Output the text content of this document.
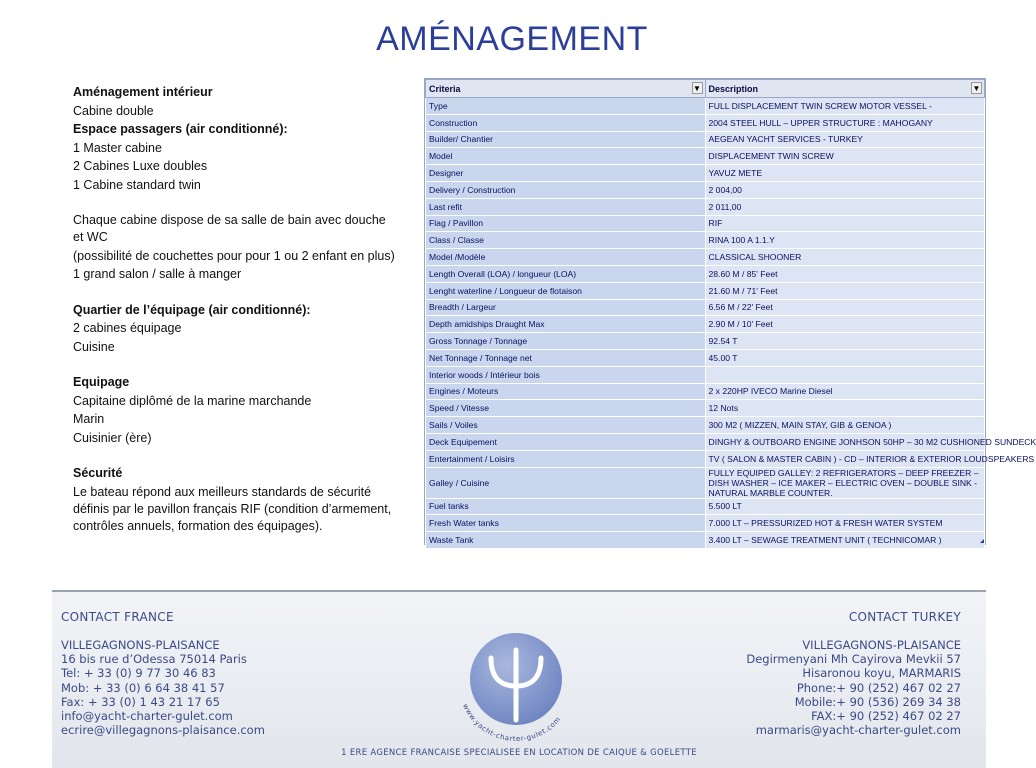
AMÉNAGEMENT

Aménagement intérieur

Cabine double

Espace passagers (air conditionné):

1 Master cabine

2 Cabines Luxe doubles

1 Cabine standard twin

Chaque cabine dispose de sa salle de bain avec douche et WC

(possibilité de couchettes pour pour 1 ou 2 enfant en plus)

1 grand salon / salle à manger

Quartier de l’équipage (air conditionné):

2 cabines équipage

Cuisine

Equipage

Capitaine diplômé de la marine marchande

Marin

Cuisinier (ère)

Sécurité

Le bateau répond aux meilleurs standards de sécurité définis par le pavillon français RIF (condition d’armement, contrôles annuels, formation des équipages).

Criteria ▼	Description ▼

Type	FULL DISPLACEMENT TWIN SCREW MOTOR VESSEL -
Construction	2004 STEEL HULL – UPPER STRUCTURE : MAHOGANY
Builder/ Chantier	AEGEAN YACHT SERVICES - TURKEY
Model	DISPLACEMENT TWIN SCREW
Designer	YAVUZ METE
Delivery / Construction	2 004,00
Last refit	2 011,00
Flag / Pavillon	RIF
Class / Classe	RINA 100 A 1.1.Y
Model /Modèle	CLASSICAL SHOONER
Length Overall (LOA) / longueur (LOA)	28.60 M / 85' Feet
Lenght waterline / Longueur de flotaison	21.60 M / 71' Feet
Breadth / Largeur	6.56 M / 22' Feet
Depth amidships Draught Max	2.90 M / 10' Feet
Gross Tonnage / Tonnage	92.54 T
Net Tonnage / Tonnage net	45.00 T
Interior woods / Intérieur bois	
Engines / Moteurs	2 x 220HP IVECO Marine Diesel
Speed / Vitesse	12 Nots
Sails / Voiles	300 M2 ( MIZZEN, MAIN STAY, GIB & GENOA )
Deck Equipement	DINGHY & OUTBOARD ENGINE JONHSON 50HP – 30 M2 CUSHIONED SUNDECK
Entertainment / Loisirs	TV ( SALON & MASTER CABIN ) - CD – INTERIOR & EXTERIOR LOUDSPEAKERS
Galley / Cuisine	FULLY EQUIPED GALLEY: 2 REFRIGERATORS – DEEP FREEZER – DISH WASHER – ICE MAKER – ELECTRIC OVEN – DOUBLE SINK - NATURAL MARBLE COUNTER.
Fuel tanks	5.500 LT
Fresh Water tanks	7.000 LT – PRESSURIZED HOT & FRESH WATER SYSTEM
Waste Tank	3.400 LT – SEWAGE TREATMENT UNIT ( TECHNICOMAR )
CONTACT FRANCE
VILLEGAGNONS-PLAISANCE
16 bis rue d’Odessa 75014 Paris
Tel: + 33 (0) 9 77 30 46 83
Mob: + 33 (0) 6 64 38 41 57
Fax: + 33 (0) 1 43 21 17 65
info@yacht-charter-gulet.com
ecrire@villegagnons-plaisance.com
www.yacht-charter-gulet.com
CONTACT TURKEY
VILLEGAGNONS-PLAISANCE
Degirmenyani Mh Cayirova Mevkii 57
Hisaronou koyu, MARMARIS
Phone:+ 90 (252) 467 02 27
Mobile:+ 90 (536) 269 34 38
FAX:+ 90 (252) 467 02 27
marmaris@yacht-charter-gulet.com
1 ERE AGENCE FRANCAISE SPECIALISEE EN LOCATION DE CAIQUE & GOELETTE
